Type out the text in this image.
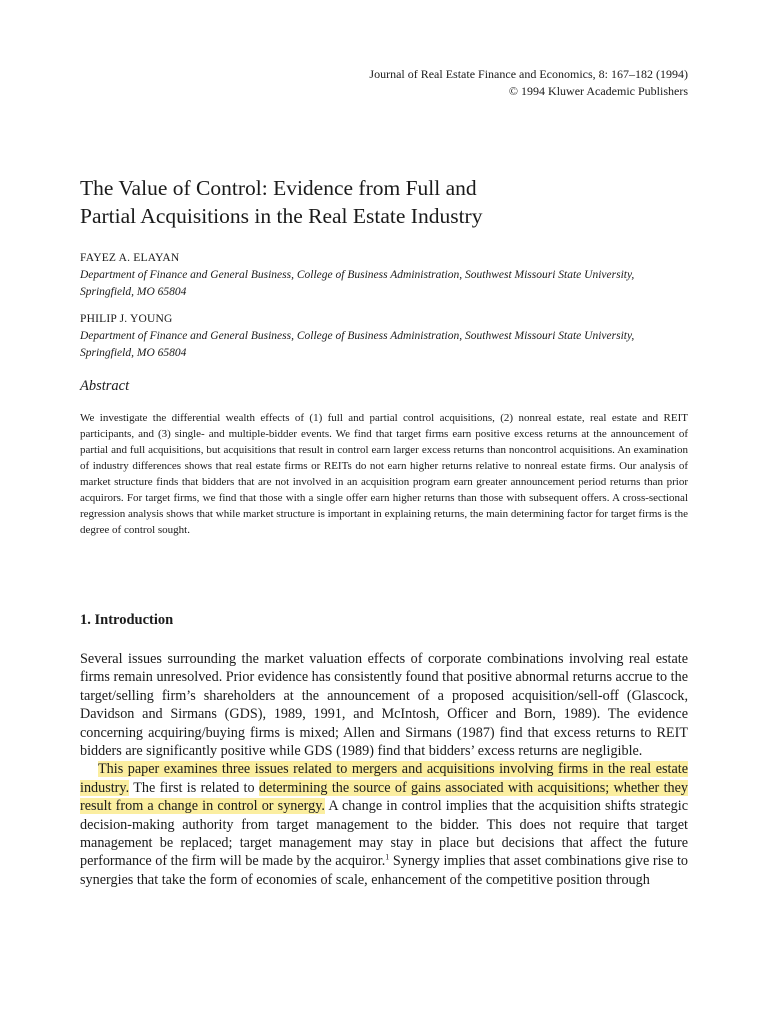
Journal of Real Estate Finance and Economics, 8: 167–182 (1994)
© 1994 Kluwer Academic Publishers
The Value of Control: Evidence from Full and
Partial Acquisitions in the Real Estate Industry
FAYEZ A. ELAYAN
Department of Finance and General Business, College of Business Administration, Southwest Missouri State University, Springfield, MO 65804
PHILIP J. YOUNG
Department of Finance and General Business, College of Business Administration, Southwest Missouri State University, Springfield, MO 65804
Abstract

We investigate the differential wealth effects of (1) full and partial control acquisitions, (2) nonreal estate, real estate and REIT participants, and (3) single- and multiple-bidder events. We find that target firms earn positive excess returns at the announcement of partial and full acquisitions, but acquisitions that result in control earn larger excess returns than noncontrol acquisitions. An examination of industry differences shows that real estate firms or REITs do not earn higher returns relative to nonreal estate firms. Our analysis of market structure finds that bidders that are not involved in an acquisition program earn greater announcement period returns than prior acquirors. For target firms, we find that those with a single offer earn higher returns than those with subsequent offers. A cross-sectional regression analysis shows that while market structure is important in explaining returns, the main determining factor for target firms is the degree of control sought.

1. Introduction

Several issues surrounding the market valuation effects of corporate combinations involving real estate firms remain unresolved. Prior evidence has consistently found that positive abnormal returns accrue to the target/selling firm’s shareholders at the announcement of a proposed acquisition/sell-off (Glascock, Davidson and Sirmans (GDS), 1989, 1991, and McIntosh, Officer and Born, 1989). The evidence concerning acquiring/buying firms is mixed; Allen and Sirmans (1987) find that excess returns to REIT bidders are significantly positive while GDS (1989) find that bidders’ excess returns are negligible.

This paper examines three issues related to mergers and acquisitions involving firms in the real estate industry. The first is related to determining the source of gains associated with acquisitions; whether they result from a change in control or synergy. A change in control implies that the acquisition shifts strategic decision-making authority from target management to the bidder. This does not require that target management be replaced; target management may stay in place but decisions that affect the future performance of the firm will be made by the acquiror.$^1$ Synergy implies that asset combinations give rise to synergies that take the form of economies of scale, enhancement of the competitive position through
